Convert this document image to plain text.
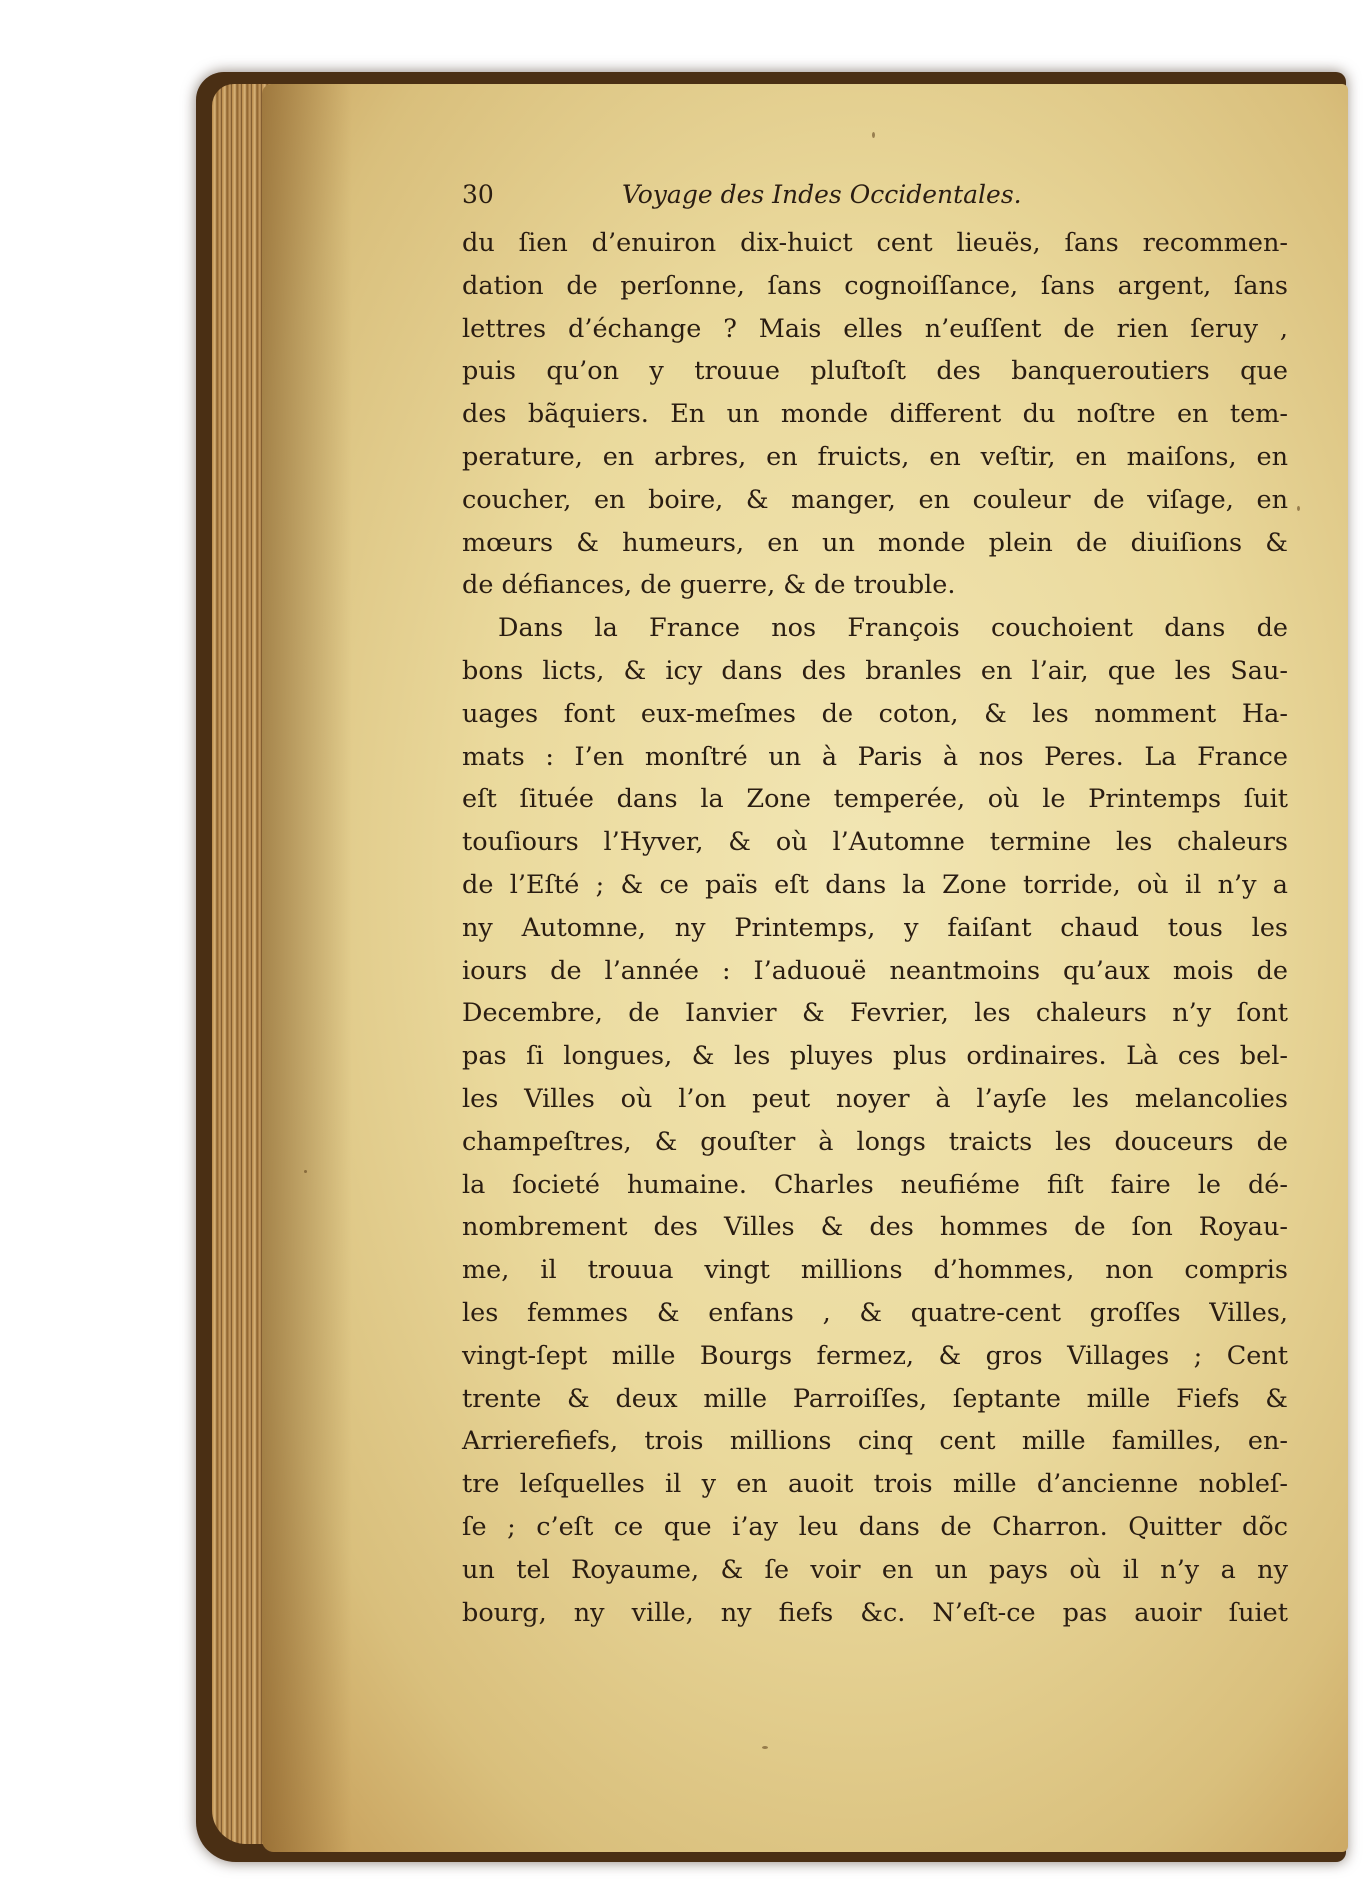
30	Voyage des Indes Occidentales.
du ſien d’enuiron dix-huict cent lieuës, ſans recommen-
dation de perſonne, ſans cognoiſſance, ſans argent, ſans
lettres d’échange ? Mais elles n’euſſent de rien ſeruy ,
puis qu’on y trouue pluſtoſt des banqueroutiers que
des bãquiers. En un monde different du noſtre en tem-
perature, en arbres, en fruicts, en veſtir, en maiſons, en
coucher, en boire, & manger, en couleur de viſage, en
mœurs & humeurs, en un monde plein de diuiſions &
de défiances, de guerre, & de trouble.
Dans la France nos François couchoient dans de
bons licts, & icy dans des branles en l’air, que les Sau-
uages font eux-meſmes de coton, & les nomment Ha-
mats : I’en monſtré un à Paris à nos Peres. La France
eſt ſituée dans la Zone temperée, où le Printemps ſuit
touſiours l’Hyver, & où l’Automne termine les chaleurs
de l’Eſté ; & ce païs eſt dans la Zone torride, où il n’y a
ny Automne, ny Printemps, y faiſant chaud tous les
iours de l’année : I’aduouë neantmoins qu’aux mois de
Decembre, de Ianvier & Fevrier, les chaleurs n’y ſont
pas ſi longues, & les pluyes plus ordinaires. Là ces bel-
les Villes où l’on peut noyer à l’ayſe les melancolies
champeſtres, & gouſter à longs traicts les douceurs de
la ſocieté humaine. Charles neufiéme fiſt faire le dé-
nombrement des Villes & des hommes de ſon Royau-
me, il trouua vingt millions d’hommes, non compris
les femmes & enfans , & quatre-cent groſſes Villes,
vingt-ſept mille Bourgs fermez, & gros Villages ; Cent
trente & deux mille Parroiſſes, ſeptante mille Fiefs &
Arrierefiefs, trois millions cinq cent mille familles, en-
tre leſquelles il y en auoit trois mille d’ancienne nobleſ-
ſe ; c’eſt ce que i’ay leu dans de Charron. Quitter dõc
un tel Royaume, & ſe voir en un pays où il n’y a ny
bourg, ny ville, ny fiefs &c. N’eſt-ce pas auoir ſuiet
